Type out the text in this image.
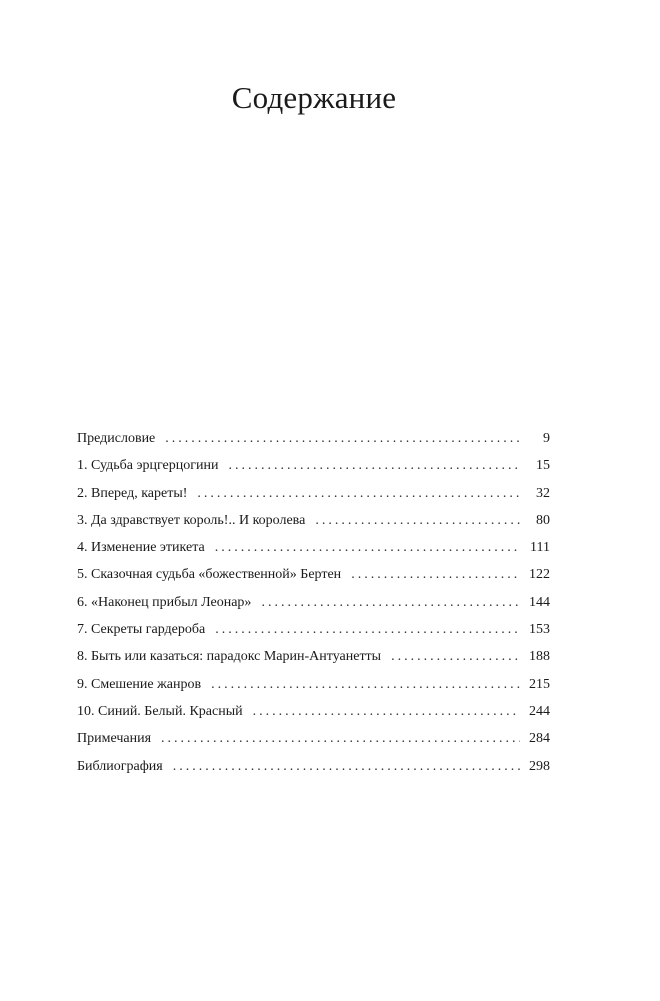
Содержание
Предисловие . . .	9
1. Судьба эрцгерцогини . . .	15
2. Вперед, кареты! . . .	32
3. Да здравствует король!.. И королева . . .	80
4. Изменение этикета . . .	111
5. Сказочная судьба «божественной» Бертен . . .	122
6. «Наконец прибыл Леонар» . . .	144
7. Секреты гардероба . . .	153
8. Быть или казаться: парадокс Марин-Антуанетты . . .	188
9. Смешение жанров . . .	215
10. Синий. Белый. Красный . . .	244
Примечания . . .	284
Библиография . . .	298
